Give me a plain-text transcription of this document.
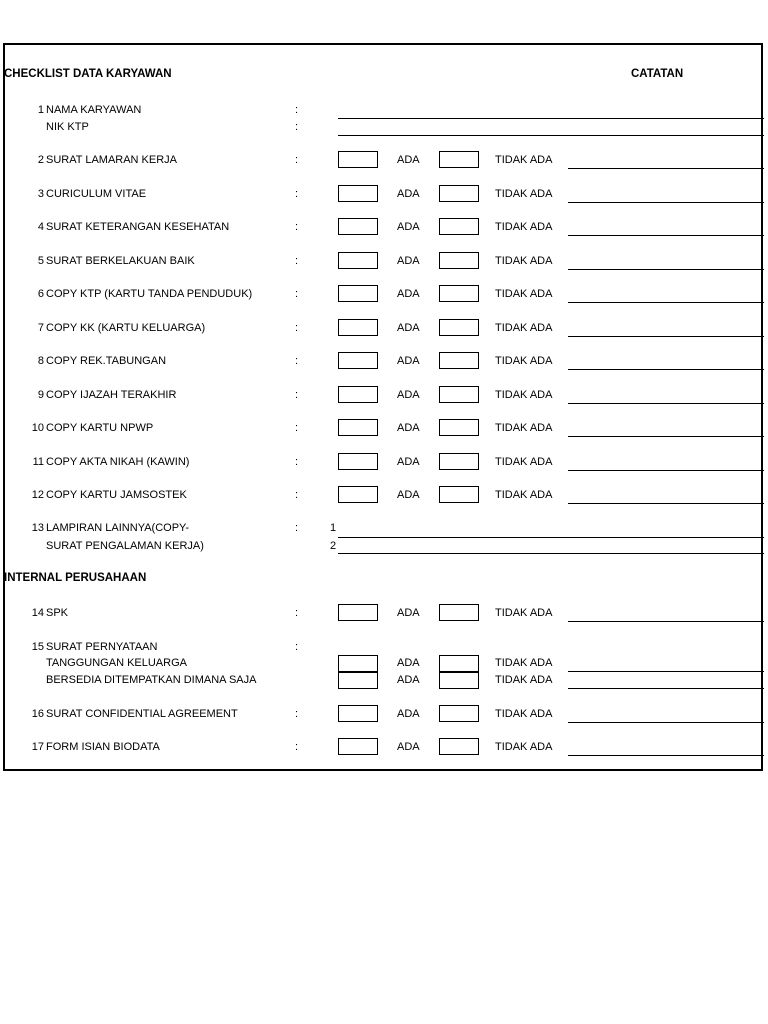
CHECKLIST DATA KARYAWAN	CATATAN
1 NAMA KARYAWAN	:
NIK KTP	:
2 SURAT LAMARAN KERJA	:	ADA	TIDAK ADA
3 CURICULUM VITAE	:	ADA	TIDAK ADA
4 SURAT KETERANGAN KESEHATAN	:	ADA	TIDAK ADA
5 SURAT BERKELAKUAN BAIK	:	ADA	TIDAK ADA
6 COPY KTP (KARTU TANDA PENDUDUK)	:	ADA	TIDAK ADA
7 COPY KK (KARTU KELUARGA)	:	ADA	TIDAK ADA
8 COPY REK.TABUNGAN	:	ADA	TIDAK ADA
9 COPY IJAZAH TERAKHIR	:	ADA	TIDAK ADA
10 COPY KARTU NPWP	:	ADA	TIDAK ADA
11 COPY AKTA NIKAH (KAWIN)	:	ADA	TIDAK ADA
12 COPY KARTU JAMSOSTEK	:	ADA	TIDAK ADA
13 LAMPIRAN LAINNYA(COPY-	:	1
SURAT PENGALAMAN KERJA)	2
INTERNAL PERUSAHAAN
14 SPK	:	ADA	TIDAK ADA
15 SURAT PERNYATAAN	:
TANGGUNGAN KELUARGA	ADA	TIDAK ADA
BERSEDIA DITEMPATKAN DIMANA SAJA	ADA	TIDAK ADA
16 SURAT CONFIDENTIAL AGREEMENT	:	ADA	TIDAK ADA
17 FORM ISIAN BIODATA	:	ADA	TIDAK ADA
